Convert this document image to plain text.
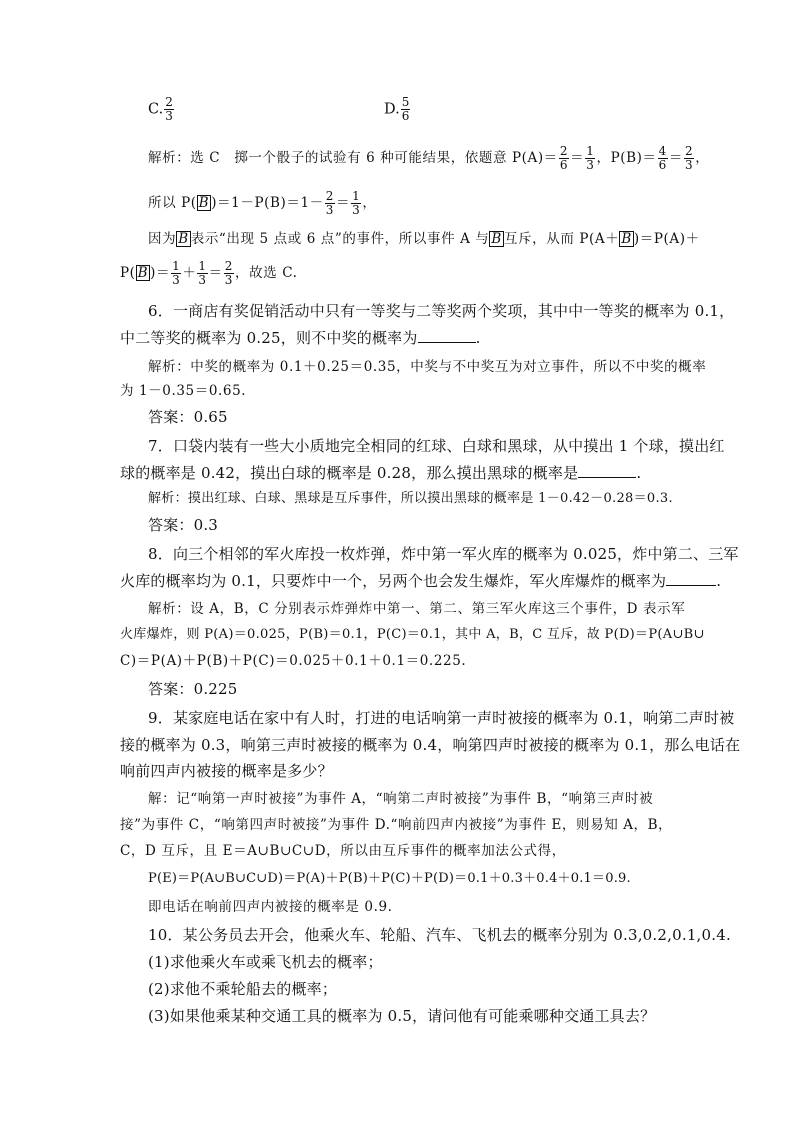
C. $\frac{2}{3}$	D. $\frac{5}{6}$
解析：选 C　掷一个骰子的试验有 6 种可能结果，依题意 $P(A)= \frac{2}{6} = \frac{1}{3}$ ，$P(B)= \frac{4}{6} = \frac{2}{3}$ ，
所以 P( B )$=1-P(B)=1- \frac{2}{3} = \frac{1}{3}$ ，
因为 B 表示“出现 5 点或 6 点”的事件，所以事件 A 与 B 互斥，从而 P(A＋ B )＝P(A)＋
P( B )＝ $\frac{1}{3} + \frac{1}{3} = \frac{2}{3}$ ，故选 C.
6．一商店有奖促销活动中只有一等奖与二等奖两个奖项，其中中一等奖的概率为 0.1，
中二等奖的概率为 0.25，则不中奖的概率为	.
解析：中奖的概率为 0.1＋0.25＝0.35，中奖与不中奖互为对立事件，所以不中奖的概率
为 1－0.35＝0.65.
答案：0.65
7．口袋内装有一些大小质地完全相同的红球、白球和黑球，从中摸出 1 个球，摸出红
球的概率是 0.42，摸出白球的概率是 0.28，那么摸出黑球的概率是	.
解析：摸出红球、白球、黑球是互斥事件，所以摸出黑球的概率是 1－0.42－0.28＝0.3.
答案：0.3
8．向三个相邻的军火库投一枚炸弹，炸中第一军火库的概率为 0.025，炸中第二、三军
火库的概率均为 0.1，只要炸中一个，另两个也会发生爆炸，军火库爆炸的概率为	.
解析：设 A，B，C 分别表示炸弹炸中第一、第二、第三军火库这三个事件，D 表示军
火库爆炸，则 P(A)＝0.025，P(B)＝0.1，P(C)＝0.1，其中 A，B，C 互斥，故 P(D)＝P(A∪B∪
C)＝P(A)＋P(B)＋P(C)＝0.025＋0.1＋0.1＝0.225.
答案：0.225
9．某家庭电话在家中有人时，打进的电话响第一声时被接的概率为 0.1，响第二声时被
接的概率为 0.3，响第三声时被接的概率为 0.4，响第四声时被接的概率为 0.1，那么电话在
响前四声内被接的概率是多少？
解：记“响第一声时被接”为事件 A，“响第二声时被接”为事件 B，“响第三声时被
接”为事件 C，“响第四声时被接”为事件 D.“响前四声内被接”为事件 E，则易知 A，B，
C，D 互斥，且 E＝A∪B∪C∪D，所以由互斥事件的概率加法公式得，
P(E)＝P(A∪B∪C∪D)＝P(A)＋P(B)＋P(C)＋P(D)＝0.1＋0.3＋0.4＋0.1＝0.9.
即电话在响前四声内被接的概率是 0.9.
10．某公务员去开会，他乘火车、轮船、汽车、飞机去的概率分别为 0.3,0.2,0.1,0.4.
(1)求他乘火车或乘飞机去的概率；
(2)求他不乘轮船去的概率；
(3)如果他乘某种交通工具的概率为 0.5，请问他有可能乘哪种交通工具去？
